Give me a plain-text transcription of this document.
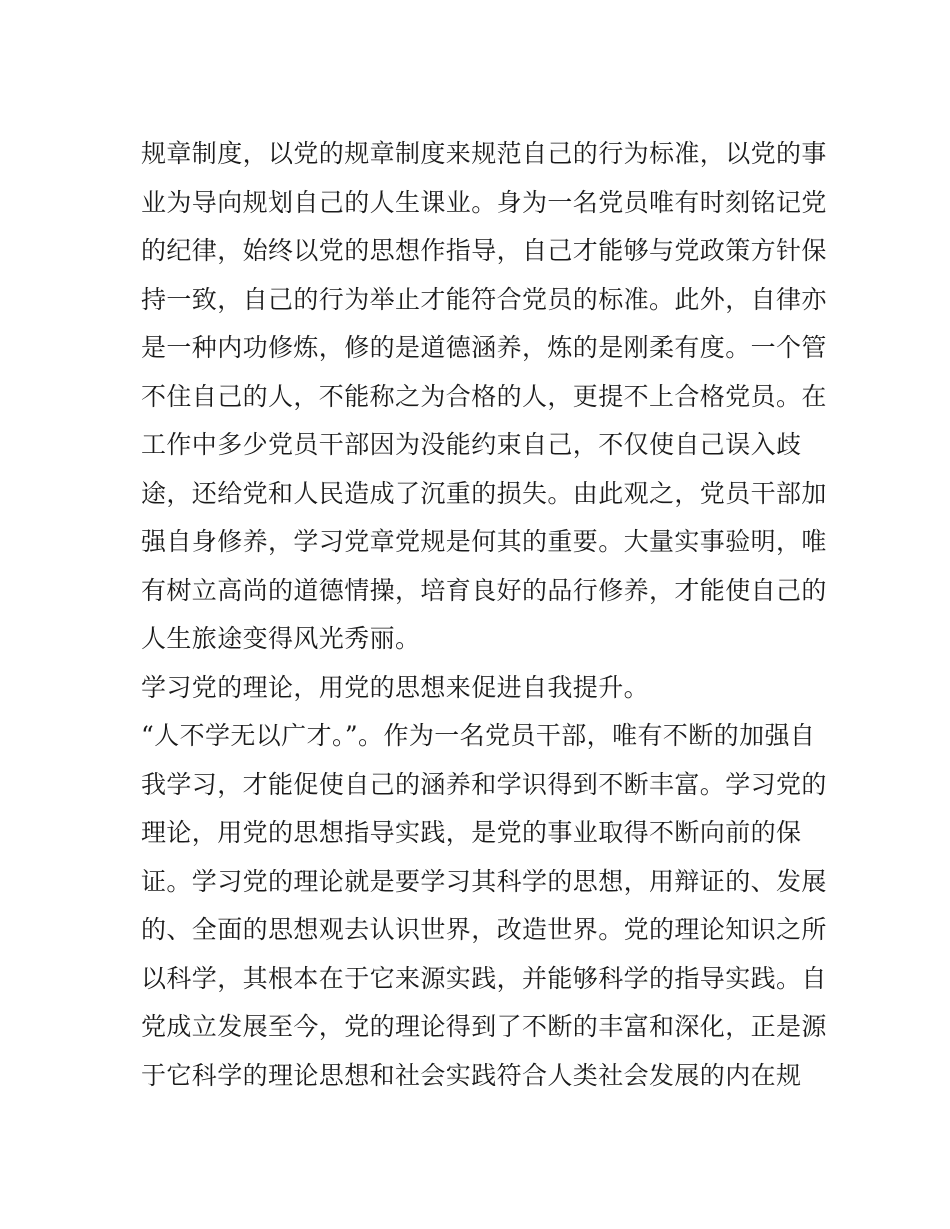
规章制度，以党的规章制度来规范自己的行为标准，以党的事
业为导向规划自己的人生课业。身为一名党员唯有时刻铭记党
的纪律，始终以党的思想作指导，自己才能够与党政策方针保
持一致，自己的行为举止才能符合党员的标准。此外，自律亦
是一种内功修炼，修的是道德涵养，炼的是刚柔有度。一个管
不住自己的人，不能称之为合格的人，更提不上合格党员。在
工作中多少党员干部因为没能约束自己，不仅使自己误入歧
途，还给党和人民造成了沉重的损失。由此观之，党员干部加
强自身修养，学习党章党规是何其的重要。大量实事验明，唯
有树立高尚的道德情操，培育良好的品行修养，才能使自己的
人生旅途变得风光秀丽。
学习党的理论，用党的思想来促进自我提升。
“人不学无以广才。”。作为一名党员干部，唯有不断的加强自
我学习，才能促使自己的涵养和学识得到不断丰富。学习党的
理论，用党的思想指导实践，是党的事业取得不断向前的保
证。学习党的理论就是要学习其科学的思想，用辩证的、发展
的、全面的思想观去认识世界，改造世界。党的理论知识之所
以科学，其根本在于它来源实践，并能够科学的指导实践。自
党成立发展至今，党的理论得到了不断的丰富和深化，正是源
于它科学的理论思想和社会实践符合人类社会发展的内在规
